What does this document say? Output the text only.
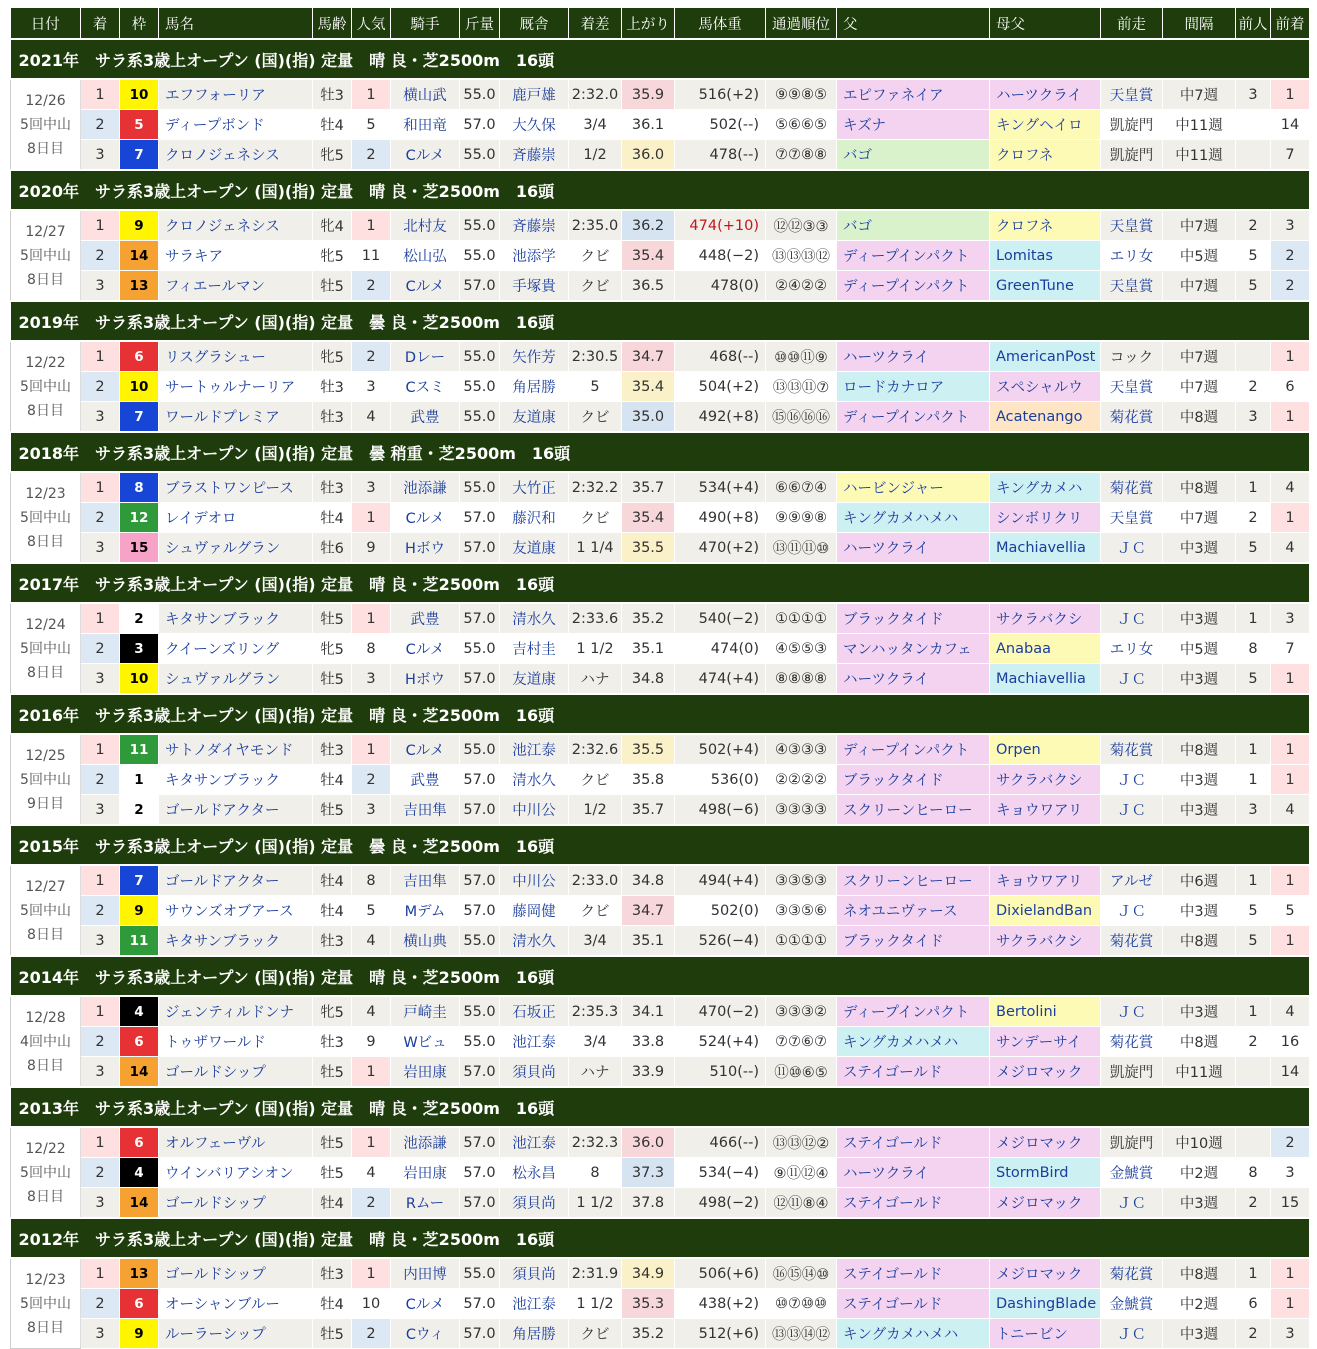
日付	着	枠	馬名	馬齢	人気	騎手	斤量	厩舎	着差	上がり	馬体重	通過順位	父	母父	前走	間隔	前人	前着
2021年　サラ系3歳上オープン (国)(指) 定量　晴 良・芝2500m　16頭																		

12/26
5回中山
8日目	1	10	エフフォーリア	牡3	1	横山武	55.0	鹿戸雄	2:32.0	35.9	516(+2)	⑨⑨⑧⑤	エピファネイア	ハーツクライ	天皇賞	中7週	3	1
	2	5	ディープボンド	牡4	5	和田竜	57.0	大久保	3/4	36.1	502(--)	⑤⑥⑥⑤	キズナ	キングヘイロ	凱旋門	中11週		14
	3	7	クロノジェネシス	牝5	2	Cルメ	55.0	斉藤崇	1/2	36.0	478(--)	⑦⑦⑧⑧	バゴ	クロフネ	凱旋門	中11週		7
2020年　サラ系3歳上オープン (国)(指) 定量　晴 良・芝2500m　16頭																		

12/27
5回中山
8日目	1	9	クロノジェネシス	牝4	1	北村友	55.0	斉藤崇	2:35.0	36.2	474(+10)	⑫⑫③③	バゴ	クロフネ	天皇賞	中7週	2	3
	2	14	サラキア	牝5	11	松山弘	55.0	池添学	クビ	35.4	448(−2)	⑬⑬⑬⑫	ディープインパクト	Lomitas	エリ女	中5週	5	2
	3	13	フィエールマン	牡5	2	Cルメ	57.0	手塚貴	クビ	36.5	478(0)	②④②②	ディープインパクト	GreenTune	天皇賞	中7週	5	2
2019年　サラ系3歳上オープン (国)(指) 定量　曇 良・芝2500m　16頭																		

12/22
5回中山
8日目	1	6	リスグラシュー	牝5	2	Dレー	55.0	矢作芳	2:30.5	34.7	468(--)	⑩⑩⑪⑨	ハーツクライ	AmericanPost	コック	中7週		1
	2	10	サートゥルナーリア	牡3	3	Cスミ	55.0	角居勝	5	35.4	504(+2)	⑬⑬⑪⑦	ロードカナロア	スペシャルウ	天皇賞	中7週	2	6
	3	7	ワールドプレミア	牡3	4	武豊	55.0	友道康	クビ	35.0	492(+8)	⑮⑯⑯⑯	ディープインパクト	Acatenango	菊花賞	中8週	3	1
2018年　サラ系3歳上オープン (国)(指) 定量　曇 稍重・芝2500m　16頭																		

12/23
5回中山
8日目	1	8	ブラストワンピース	牡3	3	池添謙	55.0	大竹正	2:32.2	35.7	534(+4)	⑥⑥⑦④	ハービンジャー	キングカメハ	菊花賞	中8週	1	4
	2	12	レイデオロ	牡4	1	Cルメ	57.0	藤沢和	クビ	35.4	490(+8)	⑨⑨⑨⑧	キングカメハメハ	シンボリクリ	天皇賞	中7週	2	1
	3	15	シュヴァルグラン	牡6	9	Hボウ	57.0	友道康	1 1/4	35.5	470(+2)	⑬⑪⑪⑩	ハーツクライ	Machiavellia	ＪＣ	中3週	5	4
2017年　サラ系3歳上オープン (国)(指) 定量　晴 良・芝2500m　16頭																		

12/24
5回中山
8日目	1	2	キタサンブラック	牡5	1	武豊	57.0	清水久	2:33.6	35.2	540(−2)	①①①①	ブラックタイド	サクラバクシ	ＪＣ	中3週	1	3
	2	3	クイーンズリング	牝5	8	Cルメ	55.0	吉村圭	1 1/2	35.1	474(0)	④⑤⑤③	マンハッタンカフェ	Anabaa	エリ女	中5週	8	7
	3	10	シュヴァルグラン	牡5	3	Hボウ	57.0	友道康	ハナ	34.8	474(+4)	⑧⑧⑧⑧	ハーツクライ	Machiavellia	ＪＣ	中3週	5	1
2016年　サラ系3歳上オープン (国)(指) 定量　晴 良・芝2500m　16頭																		

12/25
5回中山
9日目	1	11	サトノダイヤモンド	牡3	1	Cルメ	55.0	池江泰	2:32.6	35.5	502(+4)	④③③③	ディープインパクト	Orpen	菊花賞	中8週	1	1
	2	1	キタサンブラック	牡4	2	武豊	57.0	清水久	クビ	35.8	536(0)	②②②②	ブラックタイド	サクラバクシ	ＪＣ	中3週	1	1
	3	2	ゴールドアクター	牡5	3	吉田隼	57.0	中川公	1/2	35.7	498(−6)	③③③③	スクリーンヒーロー	キョウワアリ	ＪＣ	中3週	3	4
2015年　サラ系3歳上オープン (国)(指) 定量　曇 良・芝2500m　16頭																		

12/27
5回中山
8日目	1	7	ゴールドアクター	牡4	8	吉田隼	57.0	中川公	2:33.0	34.8	494(+4)	③③⑤③	スクリーンヒーロー	キョウワアリ	アルゼ	中6週	1	1
	2	9	サウンズオブアース	牡4	5	Mデム	57.0	藤岡健	クビ	34.7	502(0)	③③⑤⑥	ネオユニヴァース	DixielandBan	ＪＣ	中3週	5	5
	3	11	キタサンブラック	牡3	4	横山典	55.0	清水久	3/4	35.1	526(−4)	①①①①	ブラックタイド	サクラバクシ	菊花賞	中8週	5	1
2014年　サラ系3歳上オープン (国)(指) 定量　晴 良・芝2500m　16頭																		

12/28
4回中山
8日目	1	4	ジェンティルドンナ	牝5	4	戸崎圭	55.0	石坂正	2:35.3	34.1	470(−2)	③③③②	ディープインパクト	Bertolini	ＪＣ	中3週	1	4
	2	6	トゥザワールド	牡3	9	Wビュ	55.0	池江泰	3/4	33.8	524(+4)	⑦⑦⑥⑦	キングカメハメハ	サンデーサイ	菊花賞	中8週	2	16
	3	14	ゴールドシップ	牡5	1	岩田康	57.0	須貝尚	ハナ	33.9	510(--)	⑪⑩⑥⑤	ステイゴールド	メジロマック	凱旋門	中11週		14
2013年　サラ系3歳上オープン (国)(指) 定量　晴 良・芝2500m　16頭																		

12/22
5回中山
8日目	1	6	オルフェーヴル	牡5	1	池添謙	57.0	池江泰	2:32.3	36.0	466(--)	⑬⑬⑫②	ステイゴールド	メジロマック	凱旋門	中10週		2
	2	4	ウインバリアシオン	牡5	4	岩田康	57.0	松永昌	8	37.3	534(−4)	⑨⑪⑫④	ハーツクライ	StormBird	金鯱賞	中2週	8	3
	3	14	ゴールドシップ	牡4	2	Rムー	57.0	須貝尚	1 1/2	37.8	498(−2)	⑫⑪⑧④	ステイゴールド	メジロマック	ＪＣ	中3週	2	15
2012年　サラ系3歳上オープン (国)(指) 定量　晴 良・芝2500m　16頭																		

12/23
5回中山
8日目	1	13	ゴールドシップ	牡3	1	内田博	55.0	須貝尚	2:31.9	34.9	506(+6)	⑯⑮⑭⑩	ステイゴールド	メジロマック	菊花賞	中8週	1	1
	2	6	オーシャンブルー	牡4	10	Cルメ	57.0	池江泰	1 1/2	35.3	438(+2)	⑩⑦⑩⑩	ステイゴールド	DashingBlade	金鯱賞	中2週	6	1
	3	9	ルーラーシップ	牡5	2	Cウィ	57.0	角居勝	クビ	35.2	512(+6)	⑬⑬⑭⑫	キングカメハメハ	トニービン	ＪＣ	中3週	2	3
